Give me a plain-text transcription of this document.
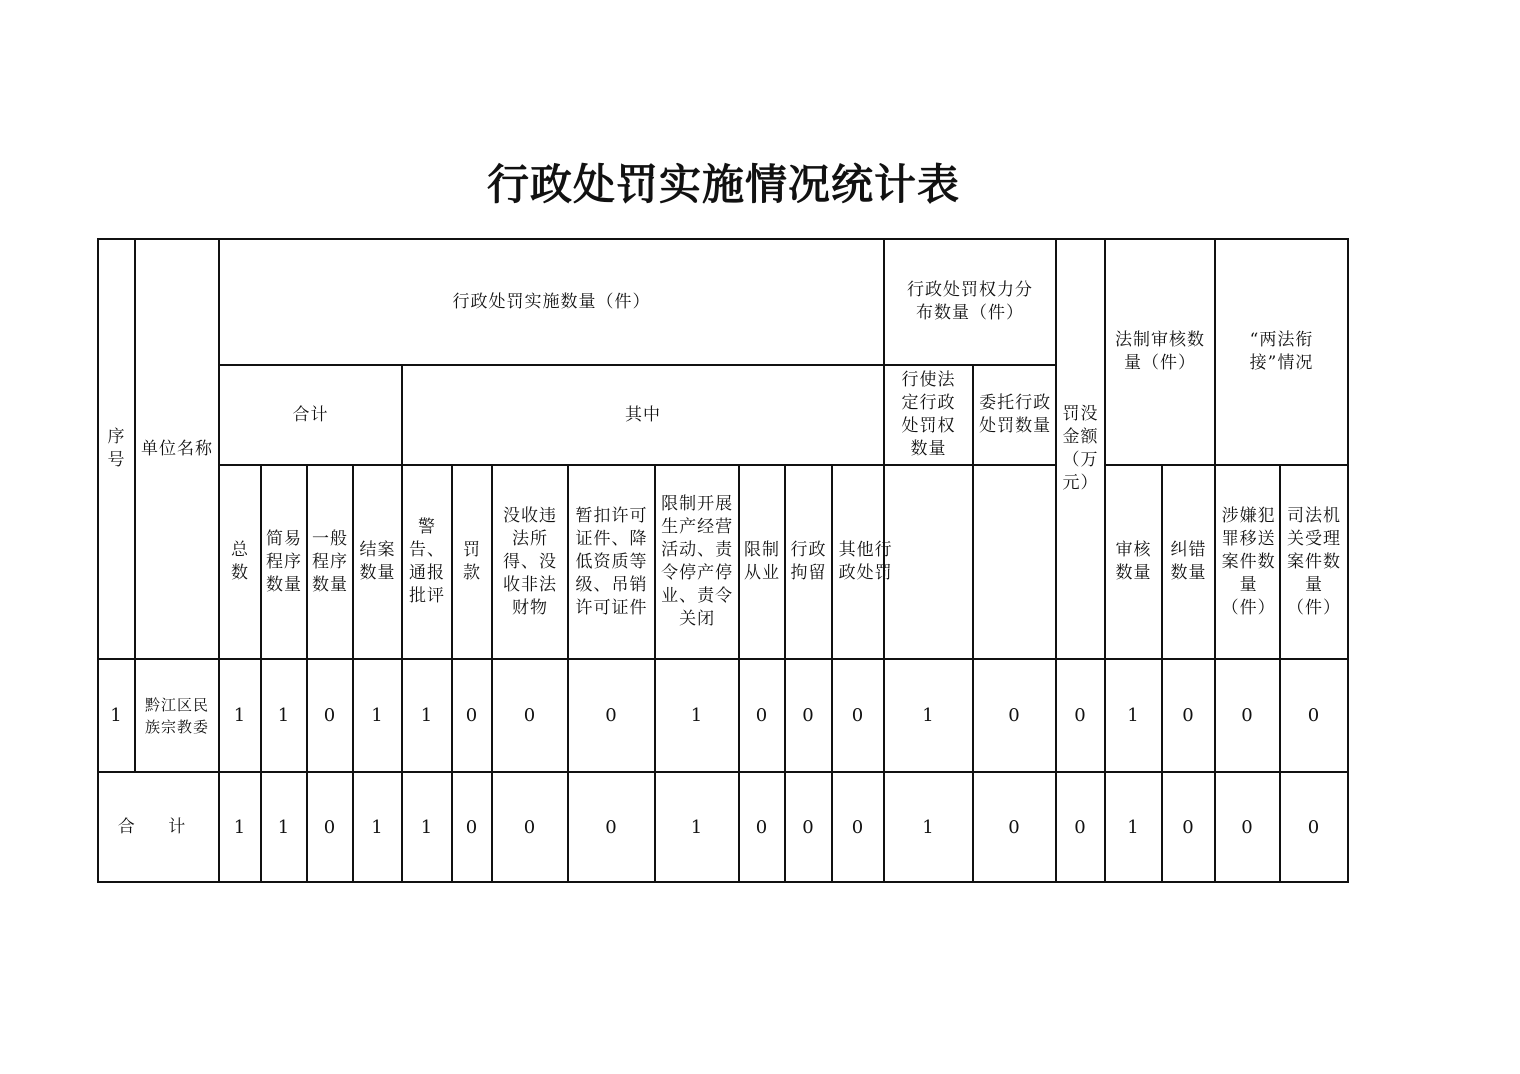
行政处罚实施情况统计表
序号	单位名称	行政处罚实施数量（件）												行政处罚权力分布数量（件）		罚没金额（万元）	法制审核数量（件）		“两法衔接”情况	
		合计				其中								行使法定行政处罚权数量	委托行政处罚数量					
		总数	简易程序数量	一般程序数量	结案数量	警告、通报批评	罚款	没收违法所得、没收非法财物	暂扣许可证件、降低资质等级、吊销许可证件	限制开展生产经营活动、责令停产停业、责令关闭	限制从业	行政拘留	其他行政处罚				审核数量	纠错数量	涉嫌犯罪移送案件数量（件）	司法机关受理案件数量（件）
1	黔江区民族宗教委	1	1	0	1	1	0	0	0	1	0	0	0	1	0	0	1	0	0	0
合 计		1	1	0	1	1	0	0	0	1	0	0	0	1	0	0	1	0	0	0
